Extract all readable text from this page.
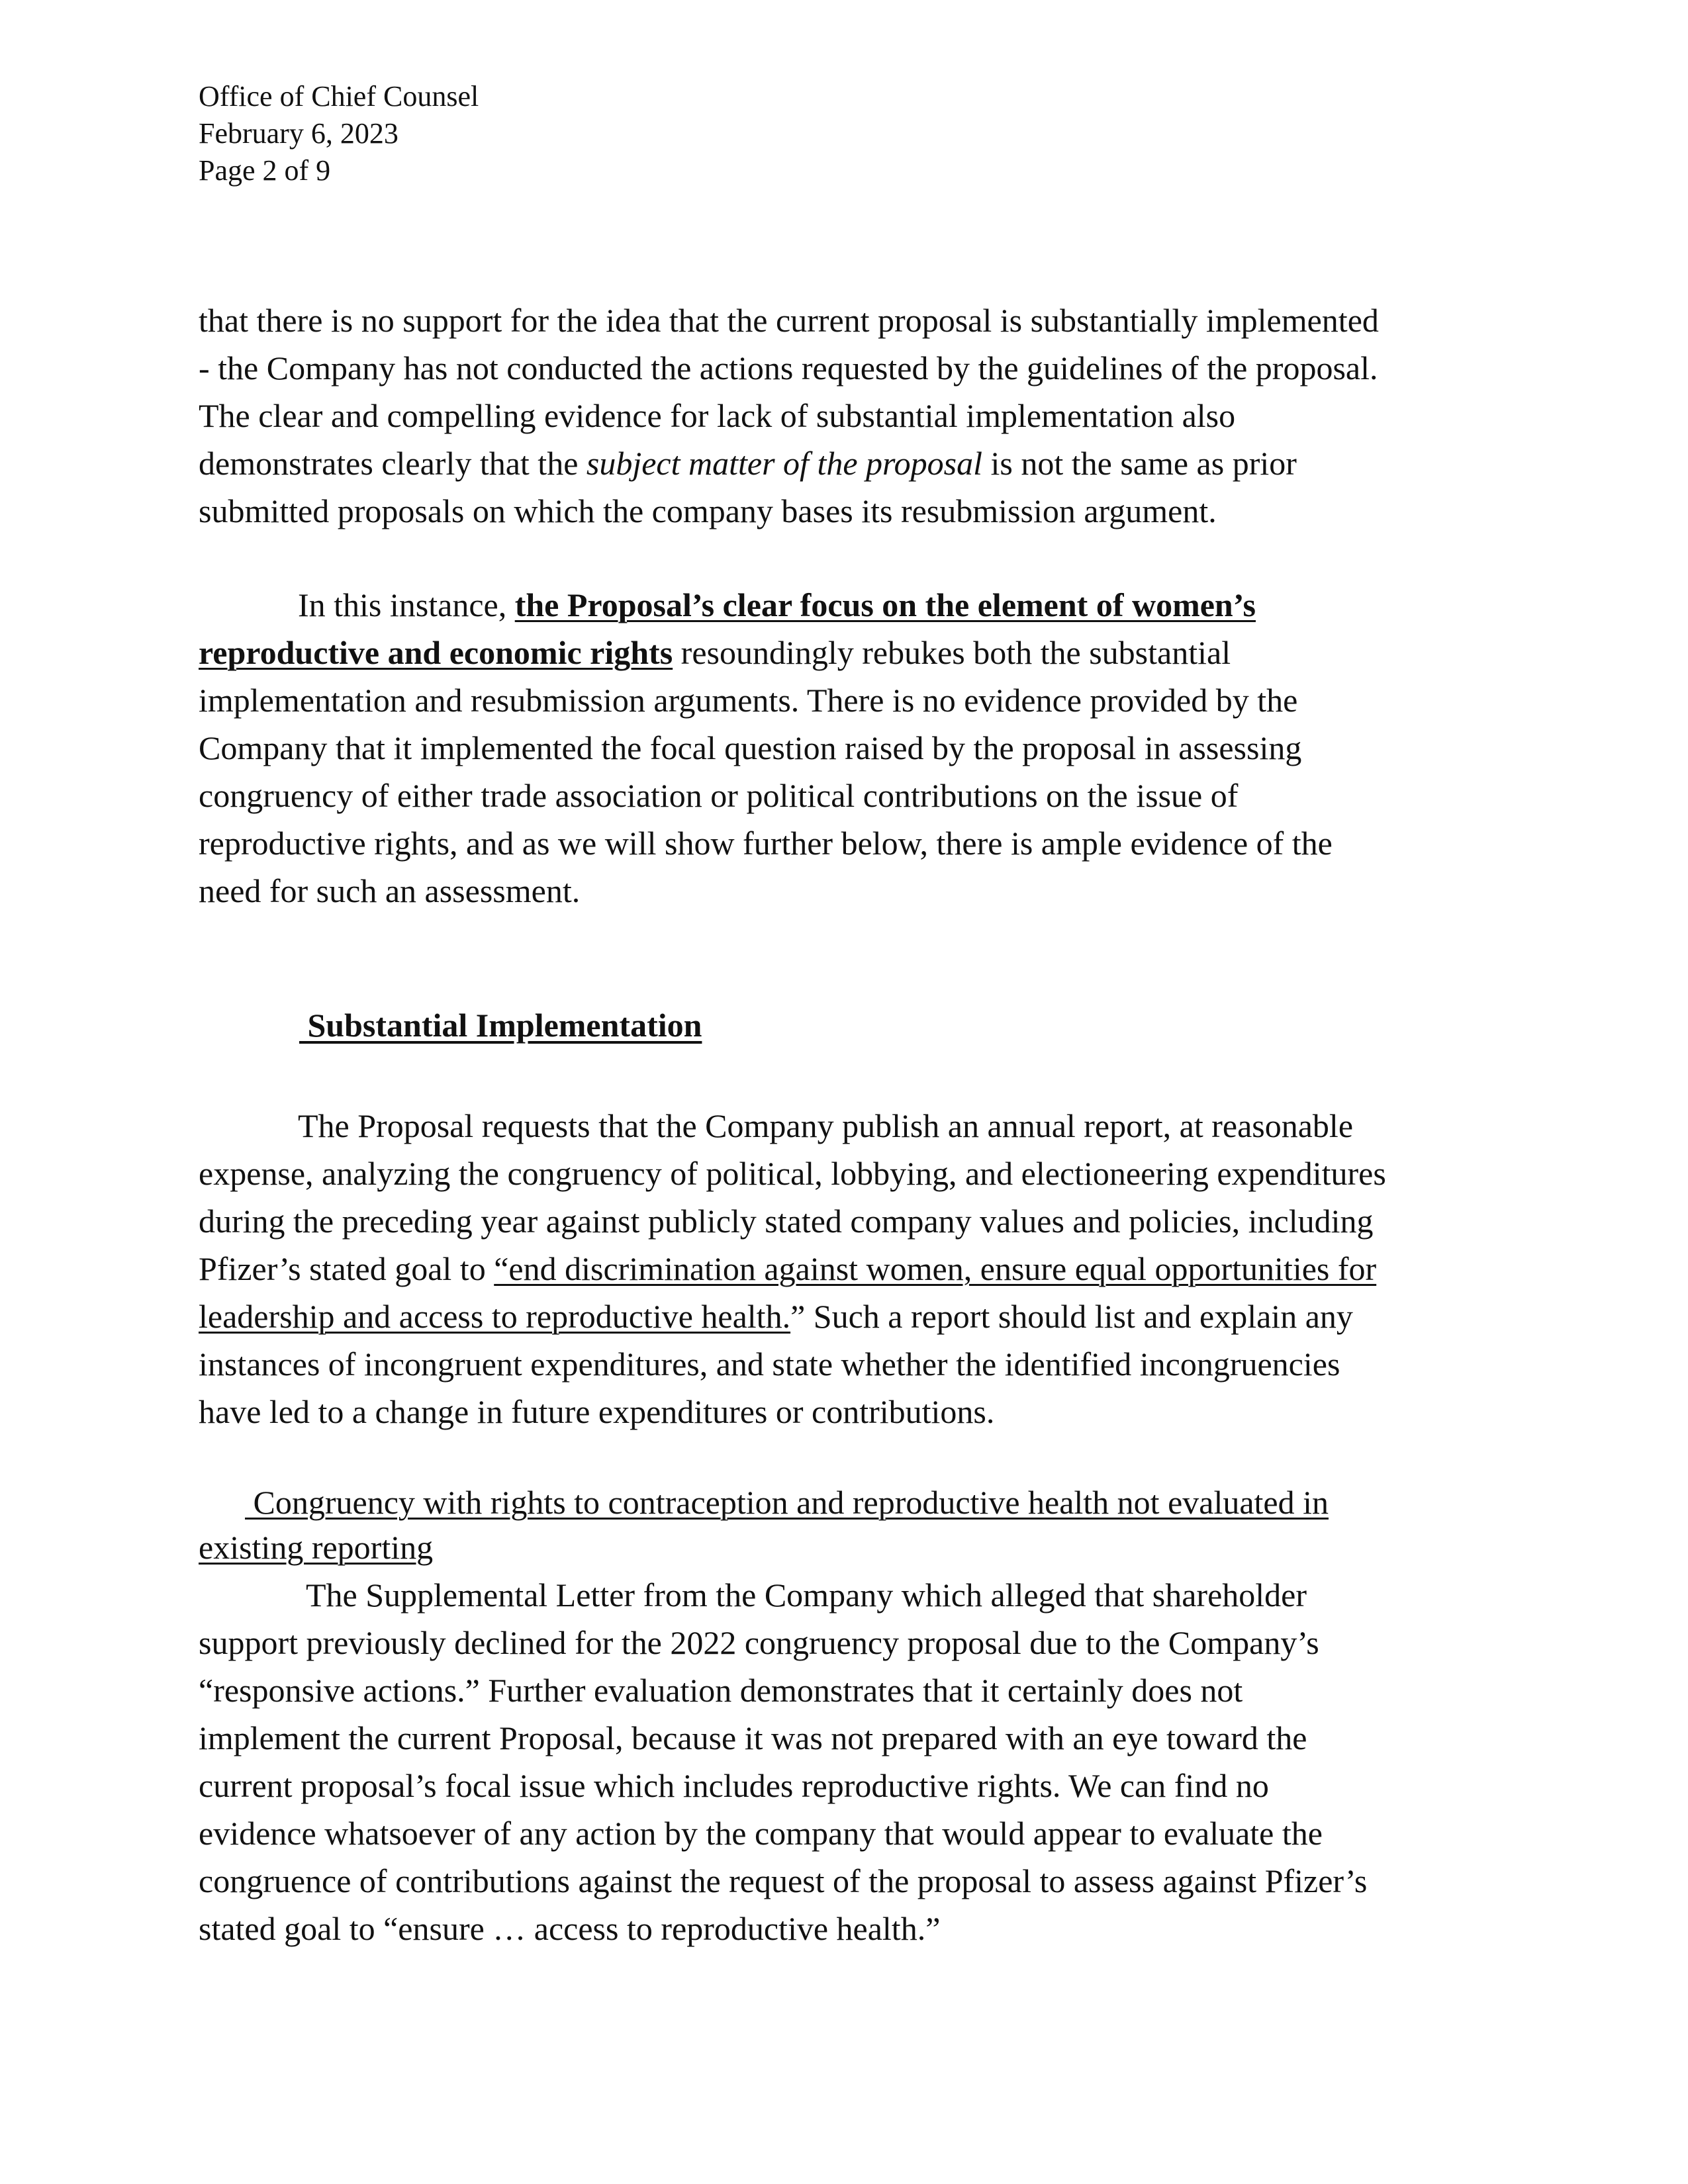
Office of Chief Counsel
February 6, 2023
Page 2 of 9
that there is no support for the idea that the current proposal is substantially implemented
- the Company has not conducted the actions requested by the guidelines of the proposal.
The clear and compelling evidence for lack of substantial implementation also
demonstrates clearly that the subject matter of the proposal is not the same as prior
submitted proposals on which the company bases its resubmission argument.
In this instance, the Proposal’s clear focus on the element of women’s
reproductive and economic rights resoundingly rebukes both the substantial
implementation and resubmission arguments. There is no evidence provided by the
Company that it implemented the focal question raised by the proposal in assessing
congruency of either trade association or political contributions on the issue of
reproductive rights, and as we will show further below, there is ample evidence of the
need for such an assessment.
Substantial Implementation
The Proposal requests that the Company publish an annual report, at reasonable
expense, analyzing the congruency of political, lobbying, and electioneering expenditures
during the preceding year against publicly stated company values and policies, including
Pfizer’s stated goal to “end discrimination against women, ensure equal opportunities for
leadership and access to reproductive health.” Such a report should list and explain any
instances of incongruent expenditures, and state whether the identified incongruencies
have led to a change in future expenditures or contributions.
Congruency with rights to contraception and reproductive health not evaluated in
existing reporting
The Supplemental Letter from the Company which alleged that shareholder
support previously declined for the 2022 congruency proposal due to the Company’s
“responsive actions.” Further evaluation demonstrates that it certainly does not
implement the current Proposal, because it was not prepared with an eye toward the
current proposal’s focal issue which includes reproductive rights. We can find no
evidence whatsoever of any action by the company that would appear to evaluate the
congruence of contributions against the request of the proposal to assess against Pfizer’s
stated goal to “ensure … access to reproductive health.”
